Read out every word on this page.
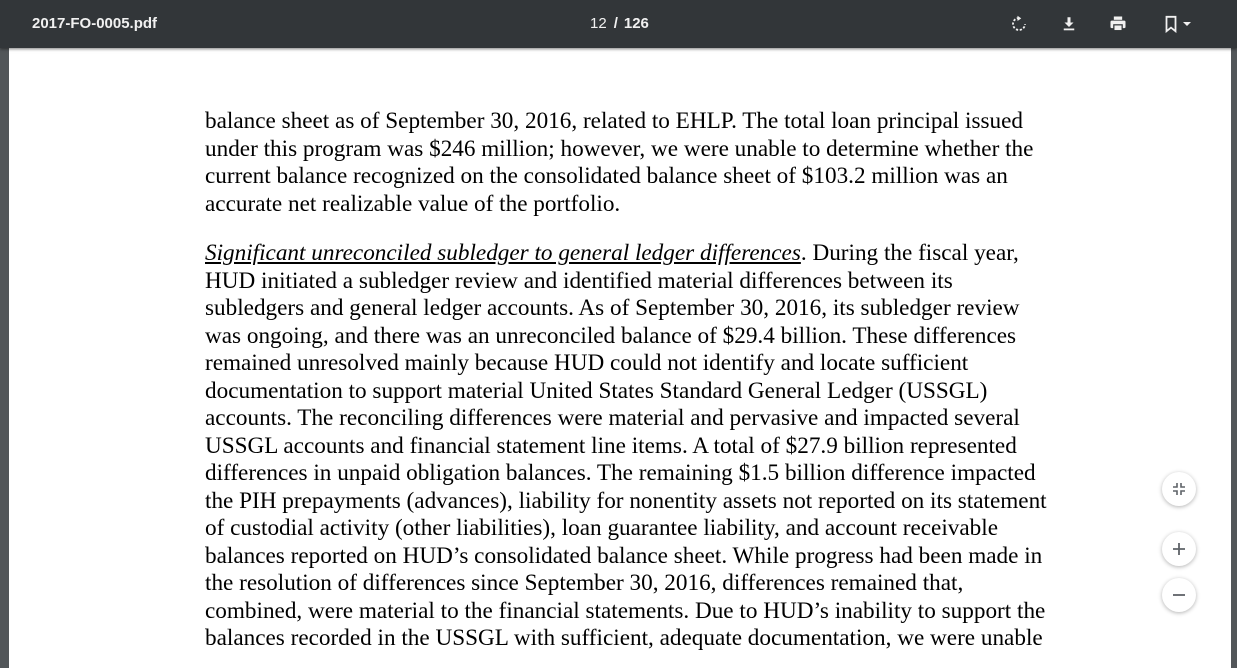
2017-FO-0005.pdf	12 / 126
balance sheet as of September 30, 2016, related to EHLP. The total loan principal issued
under this program was $246 million; however, we were unable to determine whether the
current balance recognized on the consolidated balance sheet of $103.2 million was an
accurate net realizable value of the portfolio.
Significant unreconciled subledger to general ledger differences. During the fiscal year,
HUD initiated a subledger review and identified material differences between its
subledgers and general ledger accounts. As of September 30, 2016, its subledger review
was ongoing, and there was an unreconciled balance of $29.4 billion. These differences
remained unresolved mainly because HUD could not identify and locate sufficient
documentation to support material United States Standard General Ledger (USSGL)
accounts. The reconciling differences were material and pervasive and impacted several
USSGL accounts and financial statement line items. A total of $27.9 billion represented
differences in unpaid obligation balances. The remaining $1.5 billion difference impacted
the PIH prepayments (advances), liability for nonentity assets not reported on its statement
of custodial activity (other liabilities), loan guarantee liability, and account receivable
balances reported on HUD’s consolidated balance sheet. While progress had been made in
the resolution of differences since September 30, 2016, differences remained that,
combined, were material to the financial statements. Due to HUD’s inability to support the
balances recorded in the USSGL with sufficient, adequate documentation, we were unable
